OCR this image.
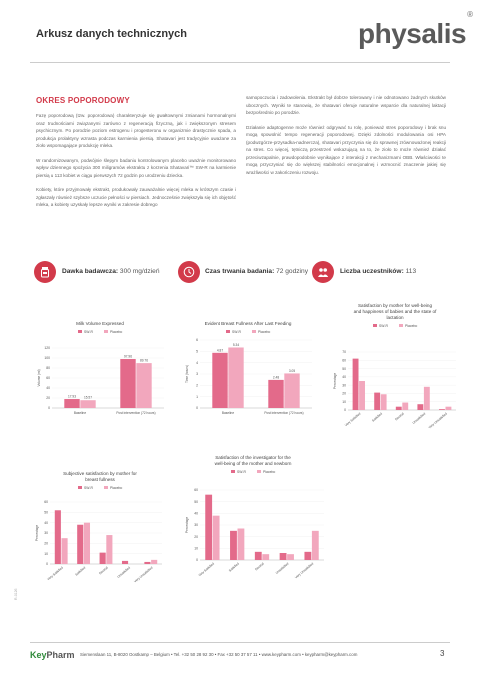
Arkusz danych technicznych	physalis®
OKRES POPORODOWY

Fazę poporodową (tzw. poporodowa) charakteryzuje się gwałtownymi zmianami hormonalnymi oraz trudnościami związanymi zarówno z regeneracją fizyczną, jak i zwiększonym stresem psychicznym. Po porodzie poziom estrogenu i progesteronu w organizmie drastycznie spada, a produkcja prolaktyny wzrasta podczas karmienia piersią. Shatavari jest tradycyjnie uważane za zioło wspomagające produkcję mleka.

W randomizowanym, podwójnie ślepym badaniu kontrolowanym placebo uważnie monitorowano wpływ dziennego spożycia 300 miligramów ekstraktu z korzenia Shatavari™ SW-R na karmienie piersią u 113 kobiet w ciągu pierwszych 72 godzin po urodzeniu dziecka.

Kobiety, które przyjmowały ekstrakt, produkowały zauważalnie więcej mleka w krótszym czasie i zgłaszały również szybsze uczucie pełności w piersiach. Jednocześnie zwiększyła się ich objętość mleka, a kobiety uzyskały lepsze wyniki w zakresie dobrego

samopoczucia i zadowolenia. Ekstrakt był dobrze tolerowany i nie odnotowano żadnych skutków ubocznych. Wyniki te stanowią, że shatavari oferuje naturalne wsparcie dla naturalnej laktacji bezpośrednio po porodzie.

Działanie adaptogenne może również odgrywać tu rolę, ponieważ stres poporodowy i brak snu mogą spowolnić tempo regeneracji poporodowej. Dzięki zdolności modulowania osi HPA (podwzgórze-przysadka-nadnercza), shatavari przyczynia się do sprawnej zrównoważonej reakcji na stres. Co więcej, tętniczą przestrzeń wskazującą na to, że zioło to może również działać przeciwzapalnie, prawdopodobnie wynikające z interakcji z mechanizmami OBB. Właściwości te mogą przyczyniać się do większej stabilności emocjonalnej i wzmocnić znaczenie jakiej się wrażliwości w zakończeniu rozwoju.

Dawka badawcza: 300 mg/dzień	Czas trwania badania: 72 godziny	Liczba uczestników: 113
Milk Volume Expressed
SW-R	Placebo
0
20
40
60
80
100
120
Volume (ml)
17.93	15.57
Baseline
97.96
89.76
Post intervention (72 hours)
Evident Breast Fullness After Last Feeding
SW-R	Placebo
0
1
2
3
4
5
6
Time (hours)
4.87
5.34
Baseline
2.48
3.05
Post intervention (72 hours)
Satisfaction by mother for well-being
and happiness of babies and the state of
lactation
SW-R	Placebo
0
10
20
30
40
50
60
70
Percentage
Very Satisfied	Satisfied	Neutral Unsatisfied Very Unsatisfied
Subjective satisfaction by mother for
breast fullness
SW-R	Placebo
0
10
20
30
40
50
60
Percentage
Very Satisfied	Satisfied	Neutral Unsatisfied Very Unsatisfied
Satisfaction of the investigator for the
well-being of the mother and newborn
SW-R	Placebo
0
10
20
30
40
50
60
Percentage
Very Satisfied	Satisfied	Neutral	Unsatisfied Very Unsatisfied
R-0126
KeyPharm Siemenslaan 11, B-8020 Oostkamp – Belgium • Tel. +32 50 28 92 30 • Fax +32 50 37 57 11 • www.keypharm.com • keypharm@keypharm.com	3
